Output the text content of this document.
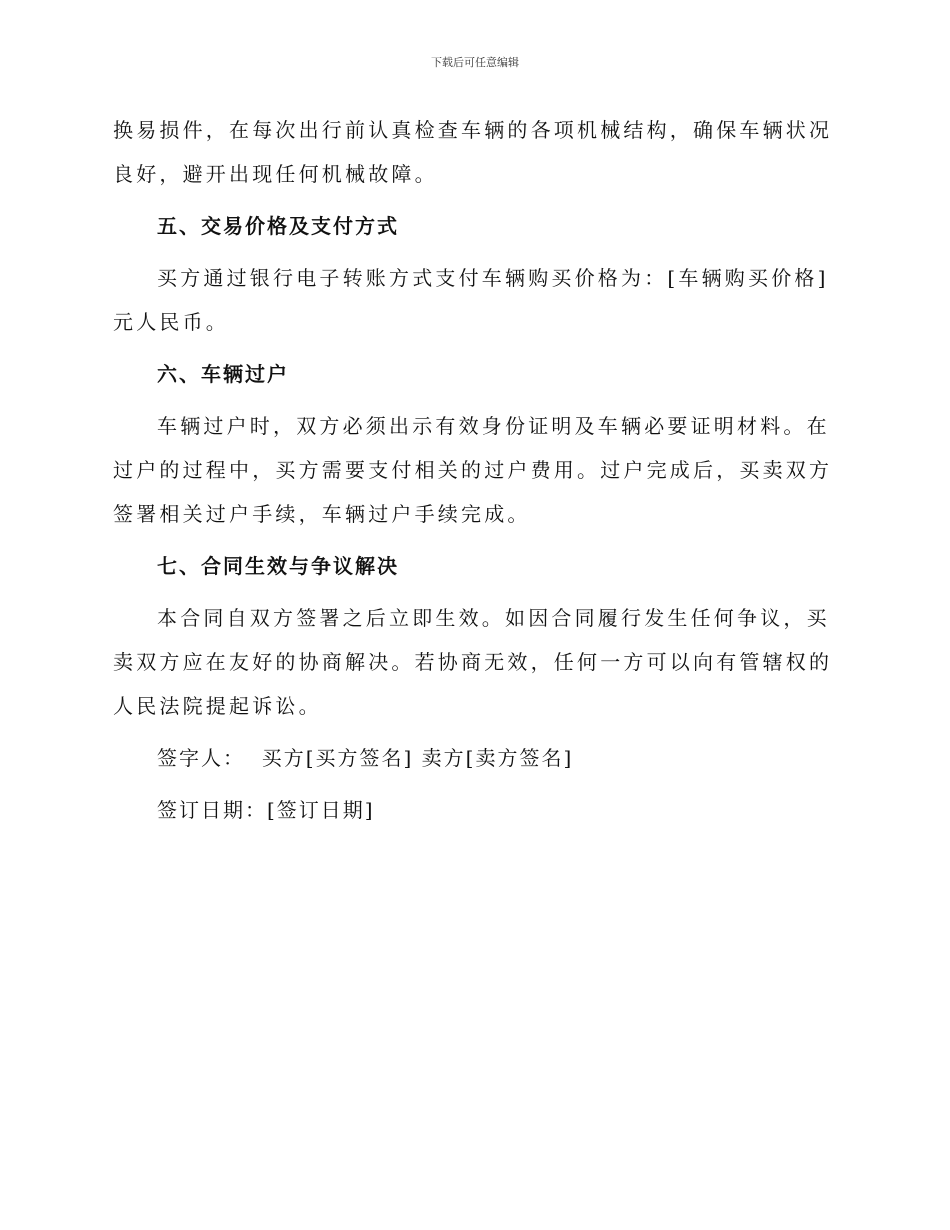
下载后可任意编辑

换易损件，在每次出行前认真检查车辆的各项机械结构，确保车辆状况良好，避开出现任何机械故障。

五、交易价格及支付方式

买方通过银行电子转账方式支付车辆购买价格为：[车辆购买价格]元人民币。

六、车辆过户

车辆过户时，双方必须出示有效身份证明及车辆必要证明材料。在过户的过程中，买方需要支付相关的过户费用。过户完成后，买卖双方签署相关过户手续，车辆过户手续完成。

七、合同生效与争议解决

本合同自双方签署之后立即生效。如因合同履行发生任何争议，买卖双方应在友好的协商解决。若协商无效，任何一方可以向有管辖权的人民法院提起诉讼。

签字人：  买方[买方签名] 卖方[卖方签名]
签订日期：[签订日期]
